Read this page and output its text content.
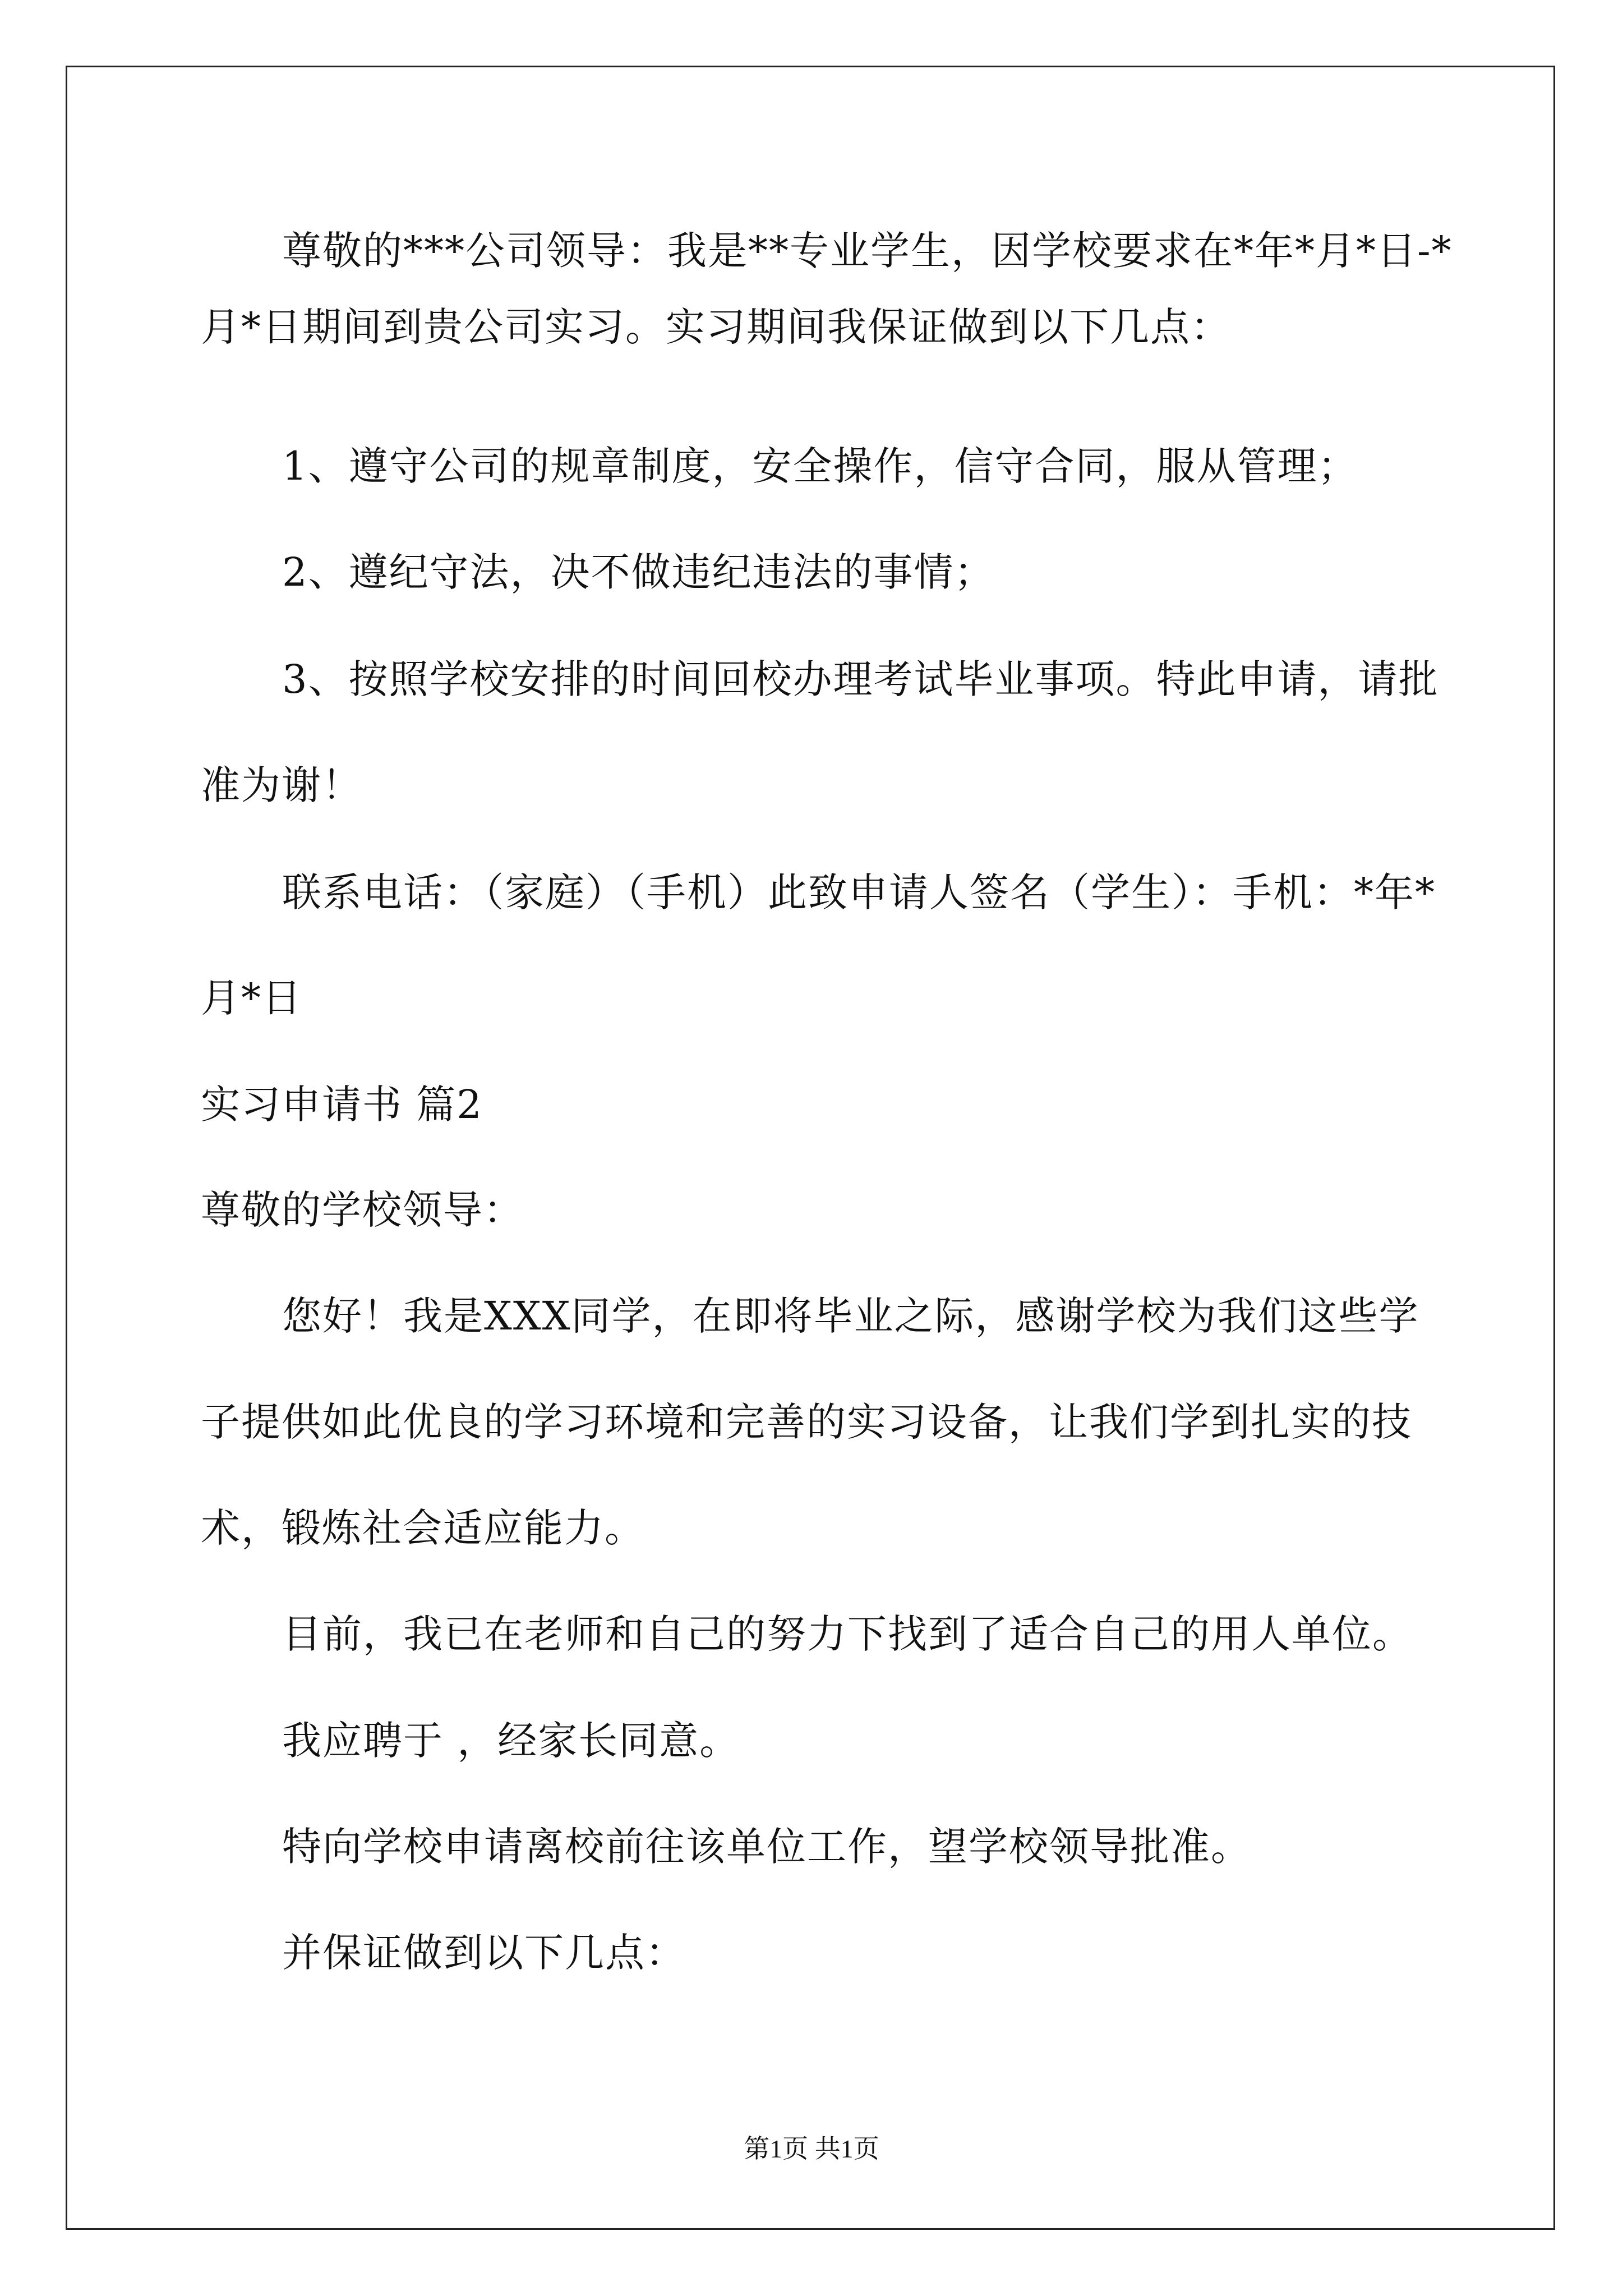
尊敬的***公司领导：我是**专业学生，因学校要求在*年*月*日-*
月*日期间到贵公司实习。实习期间我保证做到以下几点：
1、遵守公司的规章制度，安全操作，信守合同，服从管理；
2、遵纪守法，决不做违纪违法的事情；
3、按照学校安排的时间回校办理考试毕业事项。特此申请，请批
准为谢！
联系电话：（家庭）（手机）此致申请人签名（学生）：手机：*年*
月*日
实习申请书 篇2
尊敬的学校领导：
您好！我是XXX同学，在即将毕业之际，感谢学校为我们这些学
子提供如此优良的学习环境和完善的实习设备，让我们学到扎实的技
术，锻炼社会适应能力。
目前，我已在老师和自己的努力下找到了适合自己的用人单位。
我应聘于 ，经家长同意。
特向学校申请离校前往该单位工作，望学校领导批准。
并保证做到以下几点：
第1页 共1页
